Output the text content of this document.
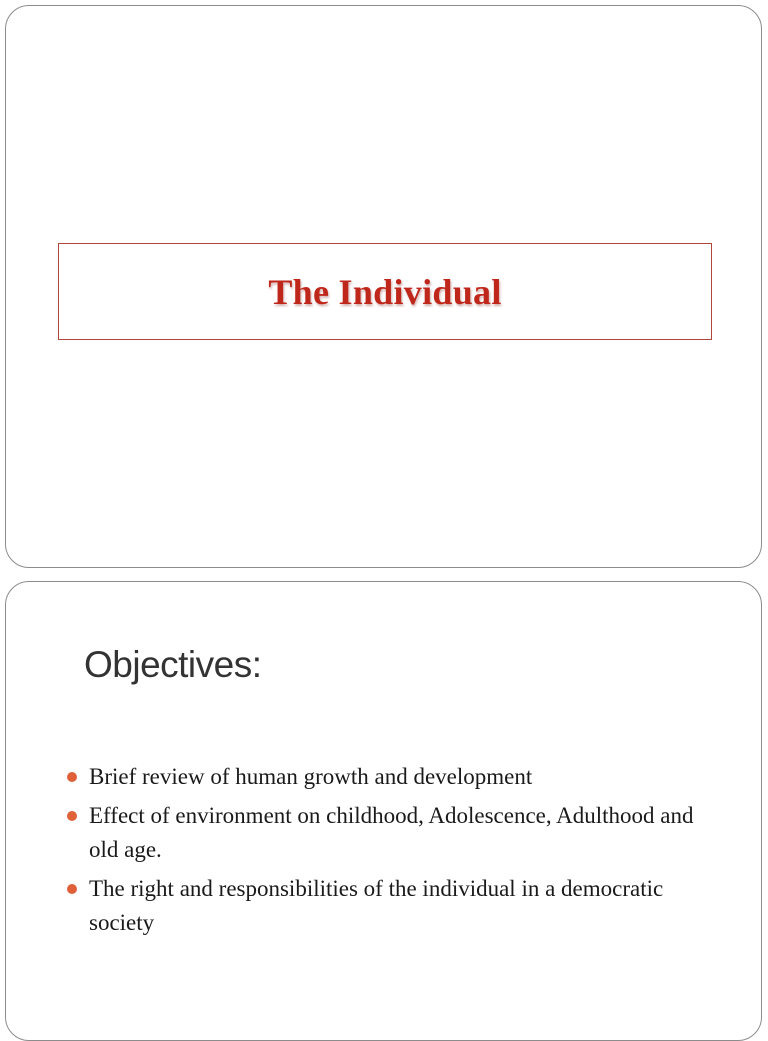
The Individual
Objectives:
Brief review of human growth and development
Effect of environment on childhood, Adolescence, Adulthood and old age.
The right and responsibilities of the individual in a democratic society
